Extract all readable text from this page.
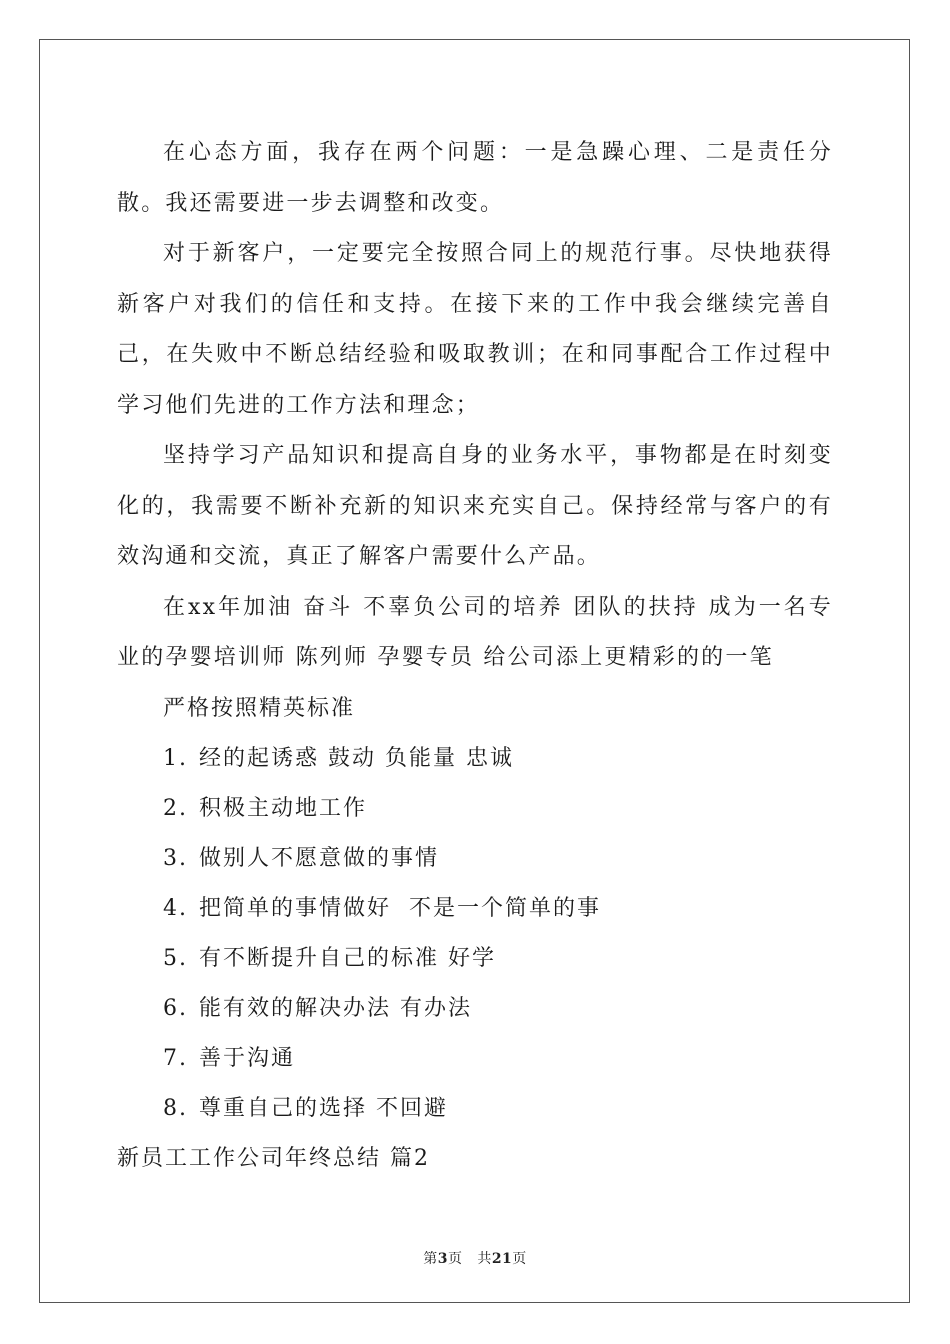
在心态方面，我存在两个问题：一是急躁心理、二是责任分散。我还需要进一步去调整和改变。

对于新客户，一定要完全按照合同上的规范行事。尽快地获得新客户对我们的信任和支持。在接下来的工作中我会继续完善自己，在失败中不断总结经验和吸取教训；在和同事配合工作过程中学习他们先进的工作方法和理念；

坚持学习产品知识和提高自身的业务水平，事物都是在时刻变化的，我需要不断补充新的知识来充实自己。保持经常与客户的有效沟通和交流，真正了解客户需要什么产品。

在xx年加油 奋斗 不辜负公司的培养 团队的扶持 成为一名专业的孕婴培训师 陈列师 孕婴专员 给公司添上更精彩的的一笔

严格按照精英标准

1. 经的起诱惑 鼓动 负能量 忠诚

2. 积极主动地工作

3. 做别人不愿意做的事情

4. 把简单的事情做好  不是一个简单的事

5. 有不断提升自己的标准 好学

6. 能有效的解决办法 有办法

7. 善于沟通

8. 尊重自己的选择 不回避

新员工工作公司年终总结 篇2

第3页 共21页
